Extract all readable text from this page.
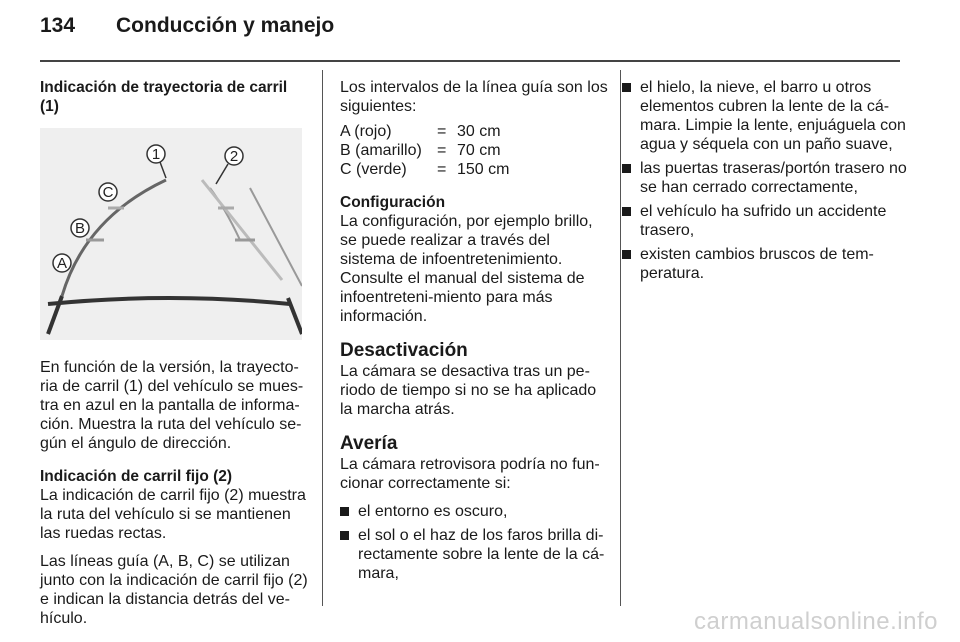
134 Conducción y manejo

Indicación de trayectoria de carril (1)

A
B
C
1	2

En función de la versión, la trayecto-ria de carril (1) del vehículo se mues-tra en azul en la pantalla de informa-ción. Muestra la ruta del vehículo se-gún el ángulo de dirección.

Indicación de carril fijo (2)

La indicación de carril fijo (2) muestra la ruta del vehículo si se mantienen las ruedas rectas.

Las líneas guía (A, B, C) se utilizan junto con la indicación de carril fijo (2) e indican la distancia detrás del ve-hículo.

Los intervalos de la línea guía son los siguientes:

A (rojo)	=	30 cm
B (amarillo)	=	70 cm
C (verde)	=	150 cm

Configuración

La configuración, por ejemplo brillo, se puede realizar a través del sistema de infoentretenimiento. Consulte el manual del sistema de infoentreteni-miento para más información.

Desactivación

La cámara se desactiva tras un pe-riodo de tiempo si no se ha aplicado la marcha atrás.

Avería

La cámara retrovisora podría no fun-cionar correctamente si:

el entorno es oscuro,
el sol o el haz de los faros brilla di-rectamente sobre la lente de la cá-mara,
el hielo, la nieve, el barro u otros elementos cubren la lente de la cá-mara. Limpie la lente, enjuáguela con agua y séquela con un paño suave,
las puertas traseras/portón trasero no se han cerrado correctamente,
el vehículo ha sufrido un accidente trasero,
existen cambios bruscos de tem-peratura.
carmanualsonline.info
